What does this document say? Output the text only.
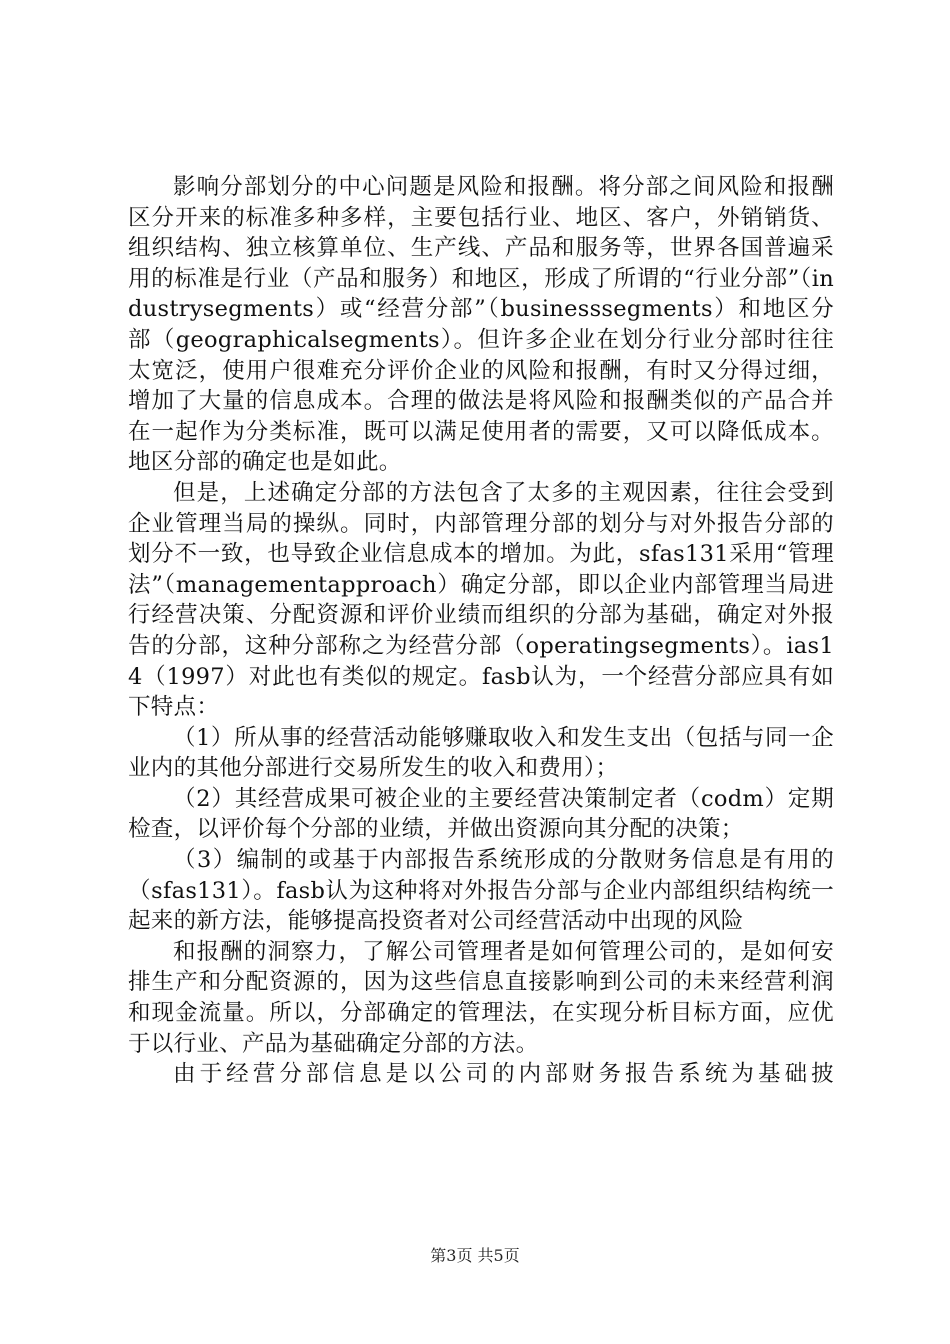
影响分部划分的中心问题是风险和报酬。将分部之间风险和报酬区分开来的标准多种多样，主要包括行业、地区、客户，外销销货、组织结构、独立核算单位、生产线、产品和服务等，世界各国普遍采用的标准是行业（产品和服务）和地区，形成了所谓的“行业分部”（industrysegments）或“经营分部”（businesssegments）和地区分部（geographicalsegments）。但许多企业在划分行业分部时往往太宽泛，使用户很难充分评价企业的风险和报酬，有时又分得过细，增加了大量的信息成本。合理的做法是将风险和报酬类似的产品合并在一起作为分类标准，既可以满足使用者的需要，又可以降低成本。地区分部的确定也是如此。

但是，上述确定分部的方法包含了太多的主观因素，往往会受到企业管理当局的操纵。同时，内部管理分部的划分与对外报告分部的划分不一致，也导致企业信息成本的增加。为此，sfas131采用“管理法”（managementapproach）确定分部，即以企业内部管理当局进行经营决策、分配资源和评价业绩而组织的分部为基础，确定对外报告的分部，这种分部称之为经营分部（operatingsegments）。ias14（1997）对此也有类似的规定。fasb认为，一个经营分部应具有如下特点：

（1）所从事的经营活动能够赚取收入和发生支出（包括与同一企业内的其他分部进行交易所发生的收入和费用）；

（2）其经营成果可被企业的主要经营决策制定者（codm）定期检查，以评价每个分部的业绩，并做出资源向其分配的决策；

（3）编制的或基于内部报告系统形成的分散财务信息是有用的（sfas131）。fasb认为这种将对外报告分部与企业内部组织结构统一起来的新方法，能够提高投资者对公司经营活动中出现的风险

和报酬的洞察力，了解公司管理者是如何管理公司的，是如何安排生产和分配资源的，因为这些信息直接影响到公司的未来经营利润和现金流量。所以，分部确定的管理法，在实现分析目标方面，应优于以行业、产品为基础确定分部的方法。

由于经营分部信息是以公司的内部财务报告系统为基础披

第3页 共5页
